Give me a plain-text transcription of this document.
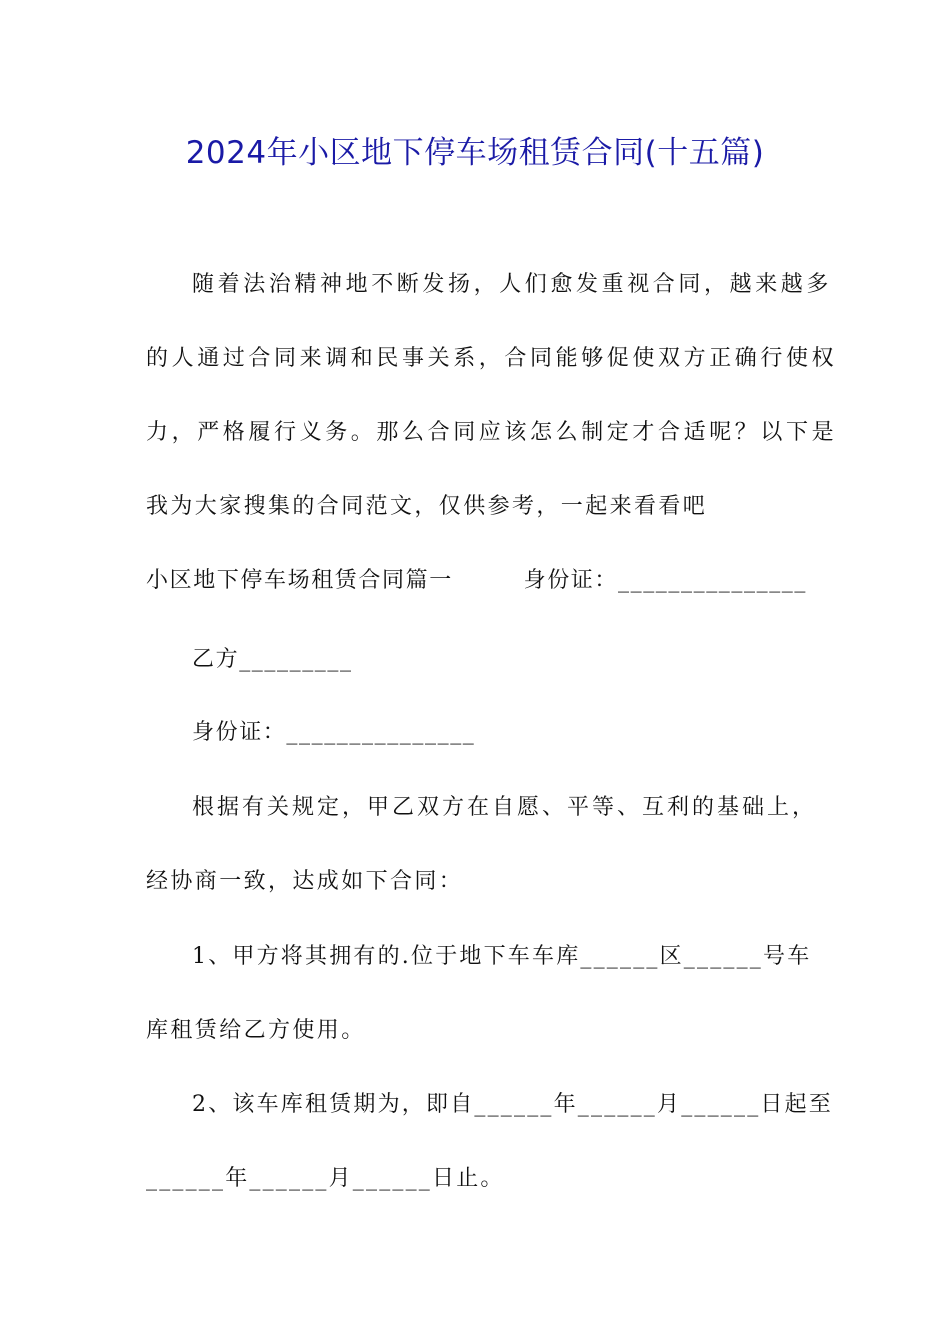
2024年小区地下停车场租赁合同(十五篇)
随着法治精神地不断发扬，人们愈发重视合同，越来越多
的人通过合同来调和民事关系，合同能够促使双方正确行使权
力，严格履行义务。那么合同应该怎么制定才合适呢？以下是
我为大家搜集的合同范文，仅供参考，一起来看看吧
小区地下停车场租赁合同篇一　　　身份证：_______________
乙方_________
身份证：_______________
根据有关规定，甲乙双方在自愿、平等、互利的基础上，
经协商一致，达成如下合同：
1、甲方将其拥有的.位于地下车车库______区______号车
库租赁给乙方使用。
2、该车库租赁期为，即自______年______月______日起至
______年______月______日止。
